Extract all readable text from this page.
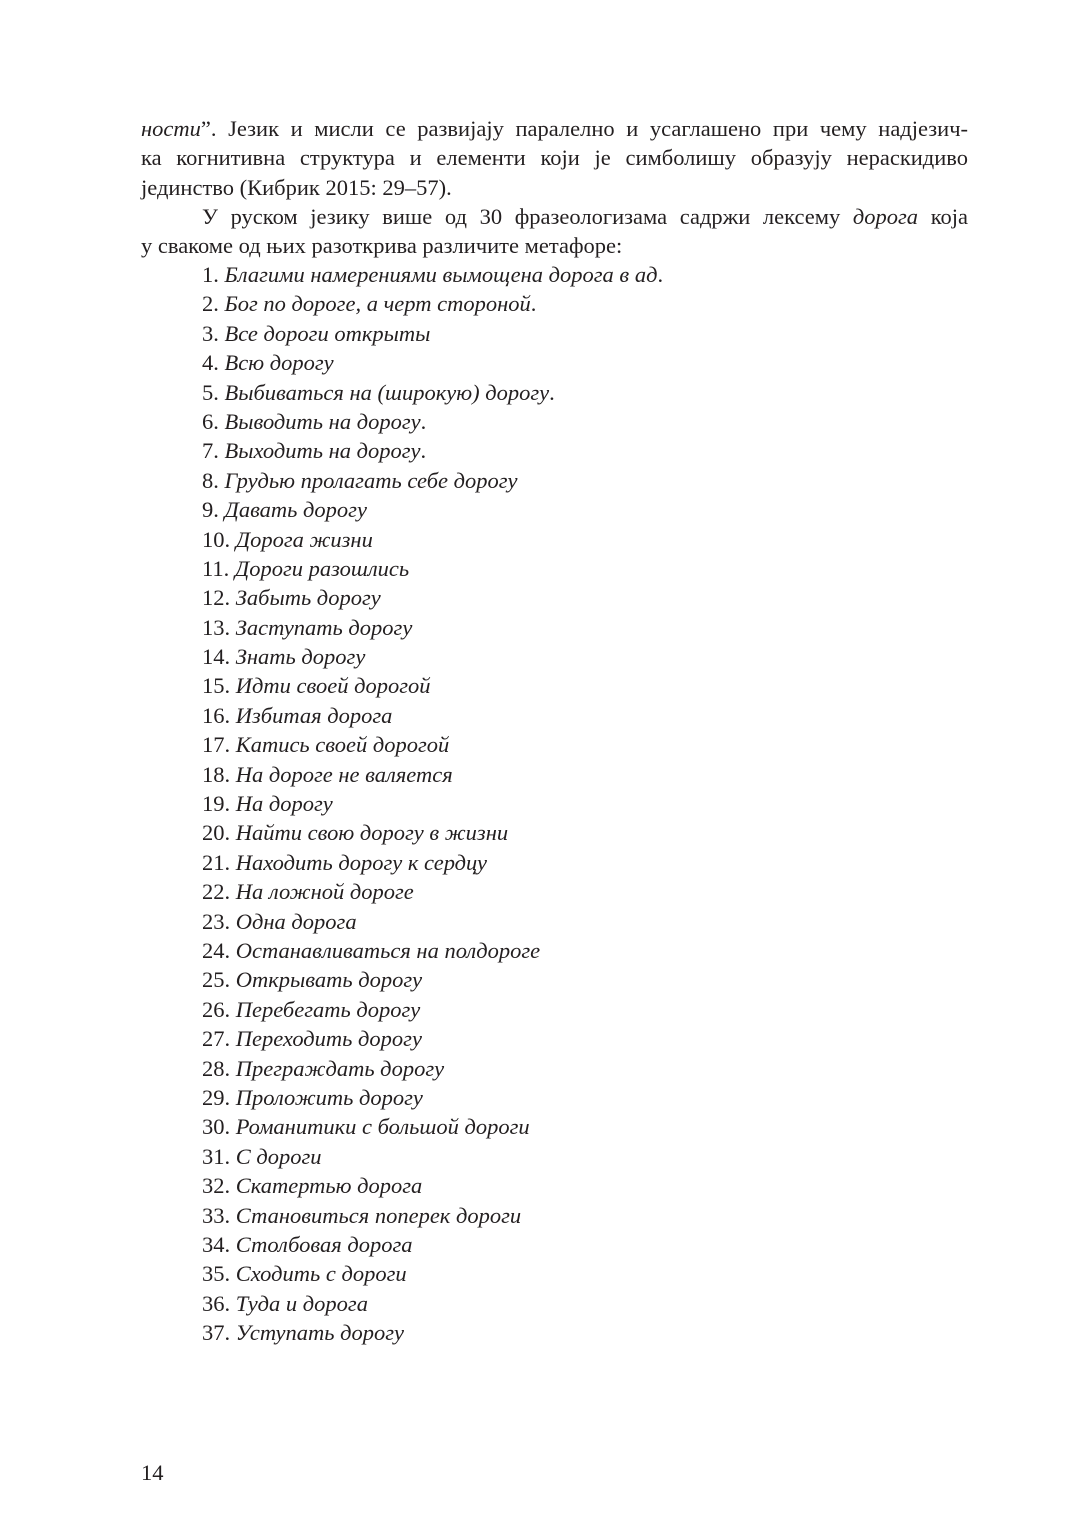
ности”. Језик и мисли се развијају паралелно и усаглашено при чему надјезич-
ка когнитивна структура и елементи који је симболишу образују нераскидиво
јединство (Кибрик 2015: 29–57).
У руском језику више од 30 фразеологизама садржи лексему дорога која
у свакоме од њих разоткрива различите метафоре:
1. Благими намерениями вымощена дорога в ад.
2. Бог по дороге, а черт стороной.
3. Все дороги открыты
4. Всю дорогу
5. Выбиваться на (широкую) дорогу.
6. Выводить на дорогу.
7. Выходить на дорогу.
8. Грудью пролагать себе дорогу
9. Давать дорогу
10. Дорога жизни
11. Дороги разошлись
12. Забыть дорогу
13. Заступать дорогу
14. Знать дорогу
15. Идти своей дорогой
16. Избитая дорога
17. Катись своей дорогой
18. На дороге не валяется
19. На дорогу
20. Найти свою дорогу в жизни
21. Находить дорогу к сердцу
22. На ложной дороге
23. Одна дорога
24. Останавливаться на полдороге
25. Открывать дорогу
26. Перебегать дорогу
27. Переходить дорогу
28. Преграждать дорогу
29. Проложить дорогу
30. Романитики с большой дороги
31. С дороги
32. Скатертью дорога
33. Становиться поперек дороги
34. Столбовая дорога
35. Сходить с дороги
36. Туда и дорога
37. Уступать дорогу
14
